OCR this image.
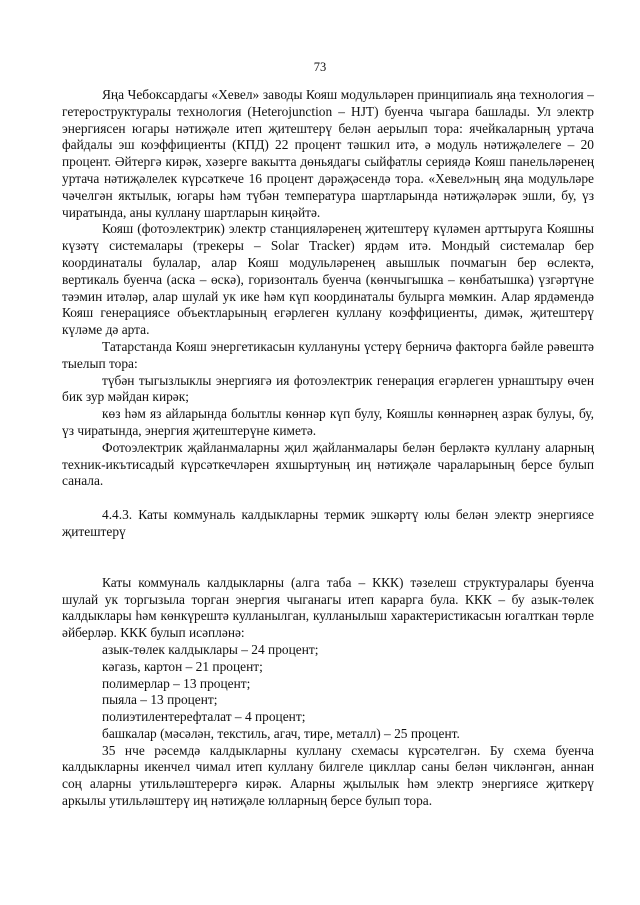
73

Яңа Чебоксардагы «Хевел» заводы Кояш модульләрен принципиаль яңа технология – гетероструктуралы технология (Heterojunction – HJT) буенча чыгара башлады. Ул электр энергиясен югары нәтиҗәле итеп җитештерү белән аерылып тора: ячейкаларның уртача файдалы эш коэффициенты (КПД) 22 процент тәшкил итә, ә модуль нәтиҗәлелеге – 20 процент. Әйтергә кирәк, хәзерге вакытта дөньядагы сыйфатлы сериядә Кояш панельләренең уртача нәтиҗәлелек күрсәткече 16 процент дәрәҗәсендә тора. «Хевел»ның яңа модульләре чәчелгән яктылык, югары һәм түбән температура шартларында нәтиҗәләрәк эшли, бу, үз чиратында, аны куллану шартларын киңәйтә.

Кояш (фотоэлектрик) электр станцияләренең җитештерү күләмен арттыруга Кояшны күзәтү системалары (трекеры – Solar Tracker) ярдәм итә. Мондый системалар бер координаталы булалар, алар Кояш модульләренең авышлык почмагын бер өслектә, вертикаль буенча (аска – өскә), горизонталь буенча (көнчыгышка – көнбатышка) үзгәртүне тәэмин итәләр, алар шулай ук ике һәм күп координаталы булырга мөмкин. Алар ярдәмендә Кояш генерациясе объектларының егәрлеген куллану коэффициенты, димәк, җитештерү күләме дә арта.

Татарстанда Кояш энергетикасын куллануны үстерү берничә факторга бәйле рәвештә тыелып тора:

түбән тыгызлыклы энергиягә ия фотоэлектрик генерация егәрлеген урнаштыру өчен бик зур мәйдан кирәк;

көз һәм яз айларында болытлы көннәр күп булу, Кояшлы көннәрнең азрак булуы, бу, үз чиратында, энергия җитештерүне киметә.

Фотоэлектрик җайланмаларны җил җайланмалары белән берләктә куллану аларның техник-икътисадый күрсәткечләрен яхшыртуның иң нәтиҗәле чараларының берсе булып санала.

4.4.3. Каты коммуналь калдыкларны термик эшкәртү юлы белән электр энергиясе җитештерү

Каты коммуналь калдыкларны (алга таба – ККК) тәзелеш структуралары буенча шулай ук торгызыла торган энергия чыганагы итеп карарга була. ККК – бу азык-төлек калдыклары һәм көнкүрештә кулланылган, кулланылыш характеристикасын югалткан төрле әйберләр. ККК булып исәпләнә:

азык-төлек калдыклары – 24 процент;

кәгазь, картон – 21 процент;

полимерлар – 13 процент;

пыяла – 13 процент;

полиэтилентерефталат – 4 процент;

башкалар (мәсәлән, текстиль, агач, тире, металл) – 25 процент.

35 нче рәсемдә калдыкларны куллану схемасы күрсәтелгән. Бу схема буенча калдыкларны икенчел чимал итеп куллану билгеле цикллар саны белән чикләнгән, аннан соң аларны утильләштерергә кирәк. Аларны җылылык һәм электр энергиясе җиткерү аркылы утильләштерү иң нәтиҗәле юлларның берсе булып тора.
